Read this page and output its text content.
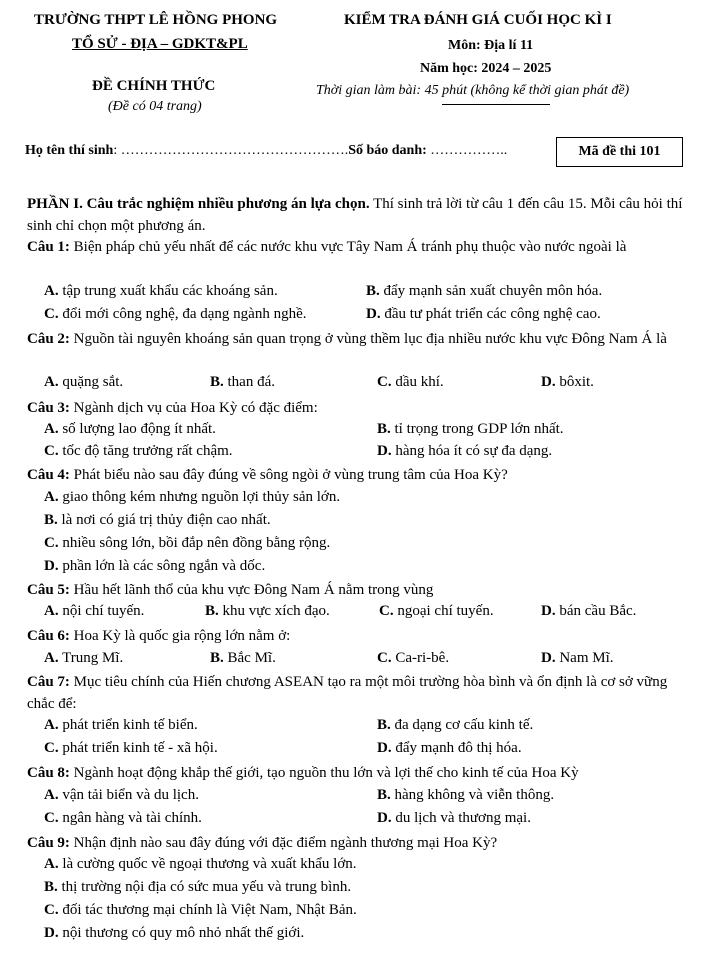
TRƯỜNG THPT LÊ HỒNG PHONG
TỔ SỬ - ĐỊA – GDKT&PL
ĐỀ CHÍNH THỨC
(Đề có 04 trang)
KIỂM TRA ĐÁNH GIÁ CUỐI HỌC KÌ I
Môn: Địa lí 11
Năm học: 2024 – 2025
Thời gian làm bài: 45 phút (không kể thời gian phát đề)
Họ tên thí sinh: ………………………………………….Số báo danh: ……………..	Mã đề thi 101
PHẦN I. Câu trắc nghiệm nhiều phương án lựa chọn. Thí sinh trả lời từ câu 1 đến câu 15. Mỗi câu hỏi thí sinh chỉ chọn một phương án.
Câu 1: Biện pháp chủ yếu nhất để các nước khu vực Tây Nam Á tránh phụ thuộc vào nước ngoài là
A. tập trung xuất khẩu các khoáng sản.	B. đẩy mạnh sản xuất chuyên môn hóa.
C. đổi mới công nghệ, đa dạng ngành nghề.	D. đầu tư phát triển các công nghệ cao.
Câu 2: Nguồn tài nguyên khoáng sản quan trọng ở vùng thềm lục địa nhiều nước khu vực Đông Nam Á là
A. quặng sắt.	B. than đá.	C. dầu khí.	D. bôxit.
Câu 3: Ngành dịch vụ của Hoa Kỳ có đặc điểm:
A. số lượng lao động ít nhất.	B. tỉ trọng trong GDP lớn nhất.
C. tốc độ tăng trưởng rất chậm.	D. hàng hóa ít có sự đa dạng.
Câu 4: Phát biểu nào sau đây đúng về sông ngòi ở vùng trung tâm của Hoa Kỳ?
A. giao thông kém nhưng nguồn lợi thủy sản lớn.
B. là nơi có giá trị thủy điện cao nhất.
C. nhiều sông lớn, bồi đắp nên đồng bằng rộng.
D. phần lớn là các sông ngắn và dốc.
Câu 5: Hầu hết lãnh thổ của khu vực Đông Nam Á nằm trong vùng
A. nội chí tuyến.	B. khu vực xích đạo.	C. ngoại chí tuyến.	D. bán cầu Bắc.
Câu 6: Hoa Kỳ là quốc gia rộng lớn nằm ở:
A. Trung Mĩ.	B. Bắc Mĩ.	C. Ca-ri-bê.	D. Nam Mĩ.
Câu 7: Mục tiêu chính của Hiến chương ASEAN tạo ra một môi trường hòa bình và ổn định là cơ sở vững chắc để:
A. phát triển kinh tế biển.	B. đa dạng cơ cấu kinh tế.
C. phát triển kinh tế - xã hội.	D. đẩy mạnh đô thị hóa.
Câu 8: Ngành hoạt động khắp thế giới, tạo nguồn thu lớn và lợi thế cho kinh tế của Hoa Kỳ
A. vận tải biển và du lịch.	B. hàng không và viễn thông.
C. ngân hàng và tài chính.	D. du lịch và thương mại.
Câu 9: Nhận định nào sau đây đúng với đặc điểm ngành thương mại Hoa Kỳ?
A. là cường quốc về ngoại thương và xuất khẩu lớn.
B. thị trường nội địa có sức mua yếu và trung bình.
C. đối tác thương mại chính là Việt Nam, Nhật Bản.
D. nội thương có quy mô nhỏ nhất thế giới.
